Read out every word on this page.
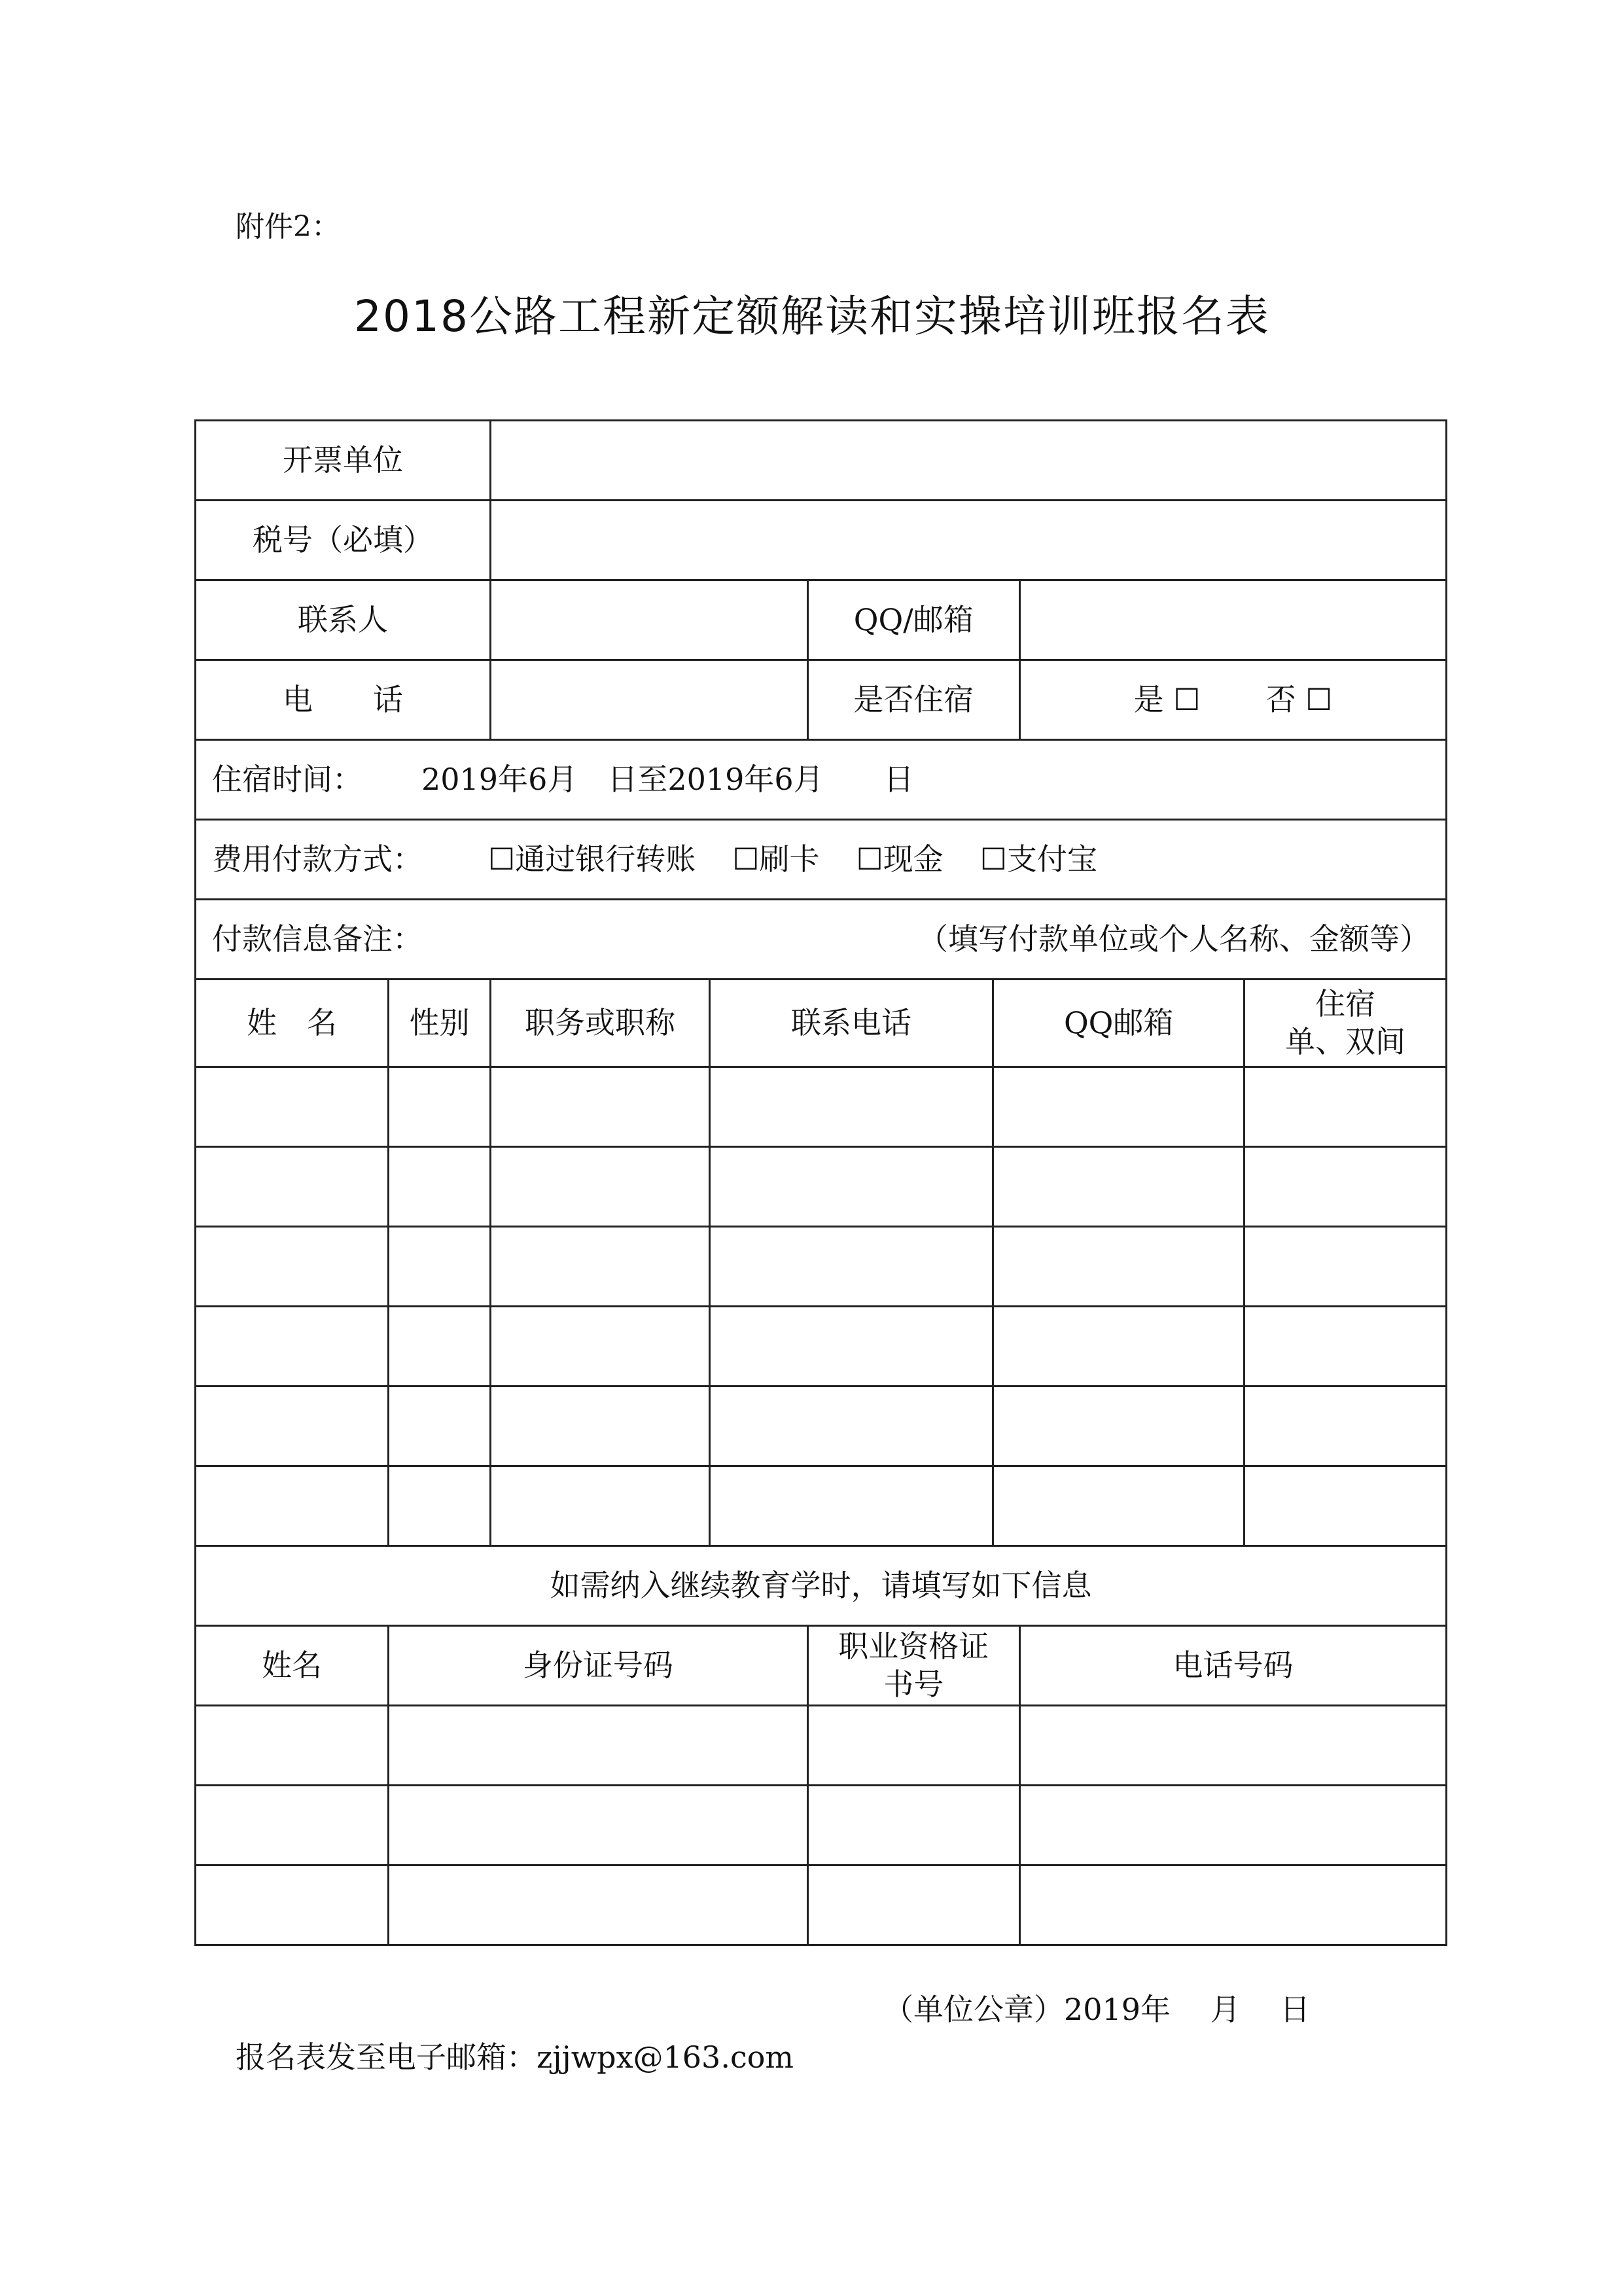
附件2：
2018公路工程新定额解读和实操培训班报名表
开票单位							
税号（必填）							
联系人				QQ/邮箱			
电　　话				是否住宿		是 ☐ 否 ☐	
住宿时间： 2019年6月　日至2019年6月　　日							
费用付款方式： ☐通过银行转账 ☐刷卡 ☐现金 ☐支付宝							

付款信息备注： （填写付款单位或个人名称、金额等）							

姓　名	性别	职务或职称	联系电话		QQ邮箱		住宿
单、双间

如需纳入继续教育学时，请填写如下信息							
姓名	身份证号码			职业资格证书号		电话号码	

（单位公章）2019年　 月　 日
报名表发至电子邮箱：zjjwpx@163.com
